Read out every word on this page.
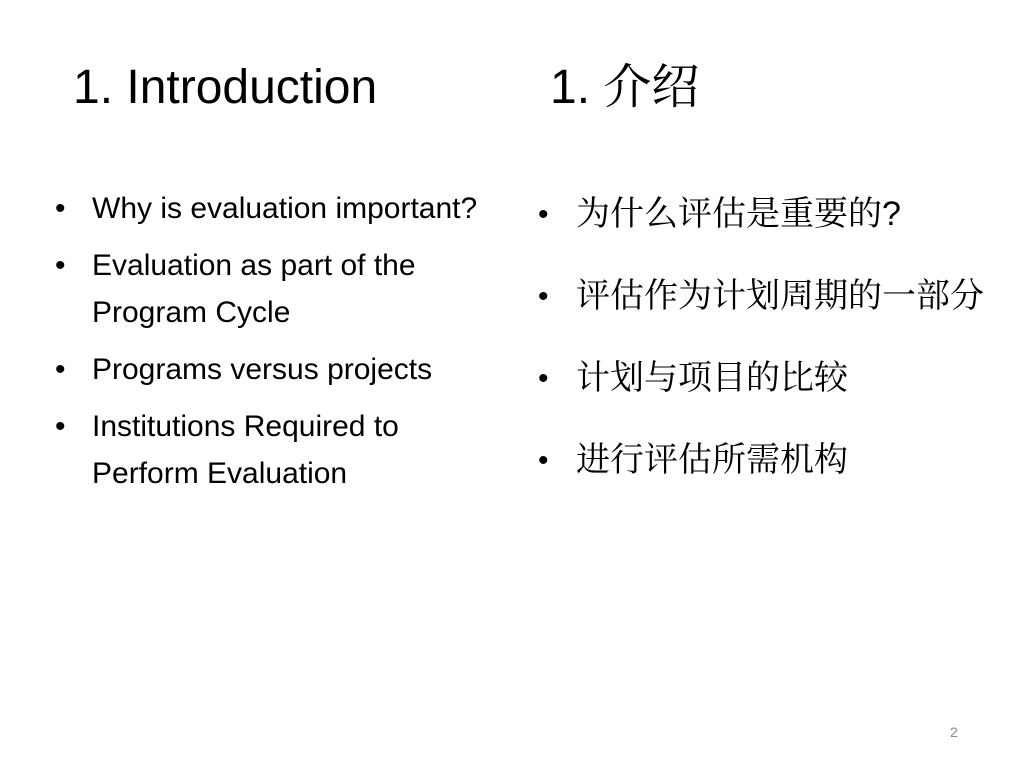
1. Introduction	1. 介绍
• Why is evaluation important?
• Evaluation as part of the Program Cycle
• Programs versus projects
• Institutions Required to Perform Evaluation
• 为什么评估是重要的?
• 评估作为计划周期的一部分
• 计划与项目的比较
• 进行评估所需机构
2
